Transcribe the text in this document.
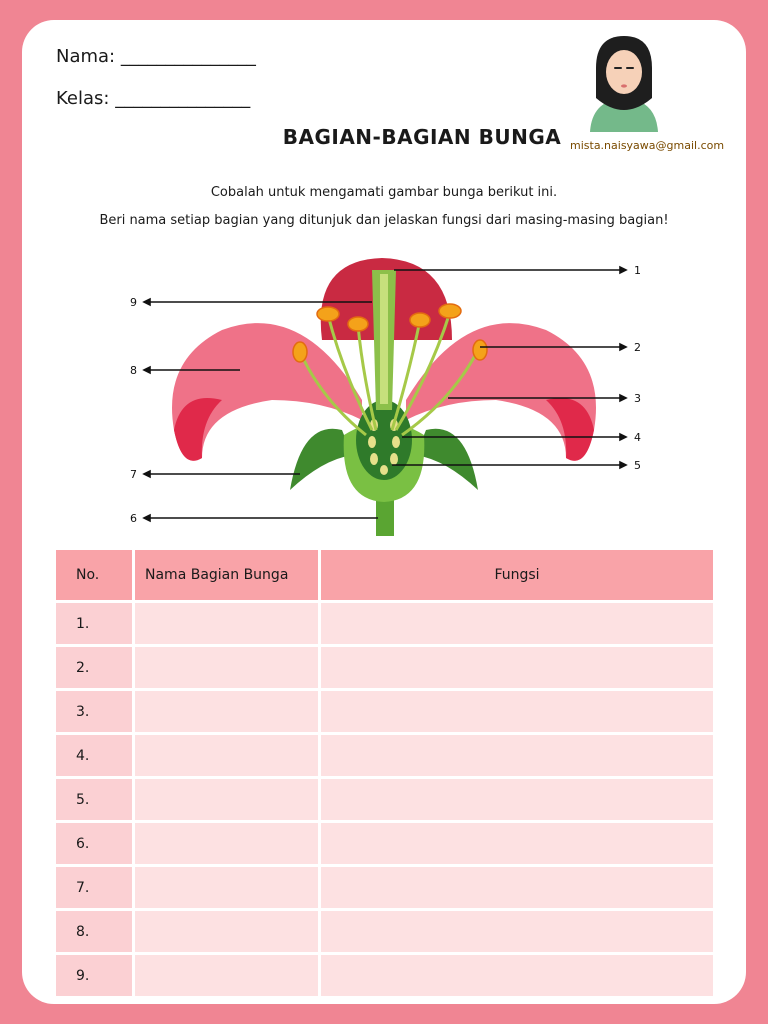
Nama: _______________
Kelas: _______________
mista.naisyawa@gmail.com
BAGIAN-BAGIAN BUNGA
Cobalah untuk mengamati gambar bunga berikut ini.
Beri nama setiap bagian yang ditunjuk dan jelaskan fungsi dari masing-masing bagian!
1
2
3
4
5
6
7
8
9
No.	Nama Bagian Bunga	Fungsi
1.		
2.		
3.		
4.		
5.		
6.		
7.		
8.		
9.		
